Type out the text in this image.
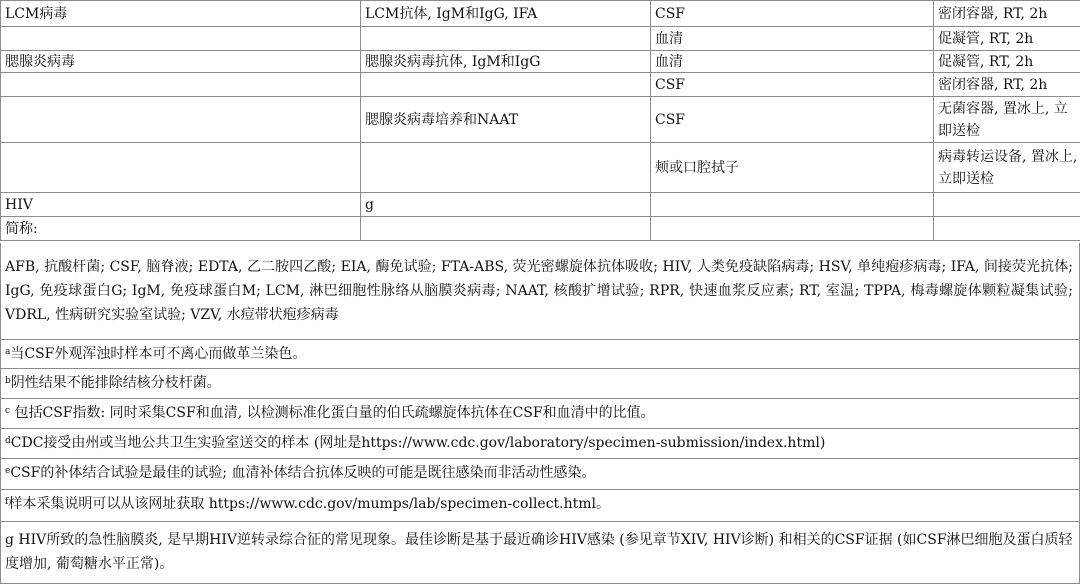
LCM病毒	LCM抗体, IgM和IgG, IFA	CSF	密闭容器, RT, 2h
		血清	促凝管, RT, 2h
腮腺炎病毒	腮腺炎病毒抗体, IgM和IgG	血清	促凝管, RT, 2h
		CSF	密闭容器, RT, 2h
	腮腺炎病毒培养和NAAT	CSF	无菌容器, 置冰上, 立即送检
		颊或口腔拭子	病毒转运设备, 置冰上, 立即送检
HIV	g		
简称:			
AFB, 抗酸杆菌; CSF, 脑脊液; EDTA, 乙二胺四乙酸; EIA, 酶免试验; FTA-ABS, 荧光密螺旋体抗体吸收; HIV, 人类免疫缺陷病毒; HSV, 单纯疱疹病毒; IFA, 间接荧光抗体; IgG, 免疫球蛋白G; IgM, 免疫球蛋白M; LCM, 淋巴细胞性脉络从脑膜炎病毒; NAAT, 核酸扩增试验; RPR, 快速血浆反应素; RT, 室温; TPPA, 梅毒螺旋体颗粒凝集试验; VDRL, 性病研究实验室试验; VZV, 水痘带状疱疹病毒
$^a$当CSF外观浑浊时样本可不离心而做革兰染色。
$^b$阴性结果不能排除结核分枝杆菌。
$^c$ 包括CSF指数: 同时采集CSF和血清, 以检测标准化蛋白量的伯氏疏螺旋体抗体在CSF和血清中的比值。
$^d$CDC接受由州或当地公共卫生实验室送交的样本 (网址是https://www.cdc.gov/laboratory/specimen-submission/index.html)
$^e$CSF的补体结合试验是最佳的试验; 血清补体结合抗体反映的可能是既往感染而非活动性感染。
$^f$样本采集说明可以从该网址获取 https://www.cdc.gov/mumps/lab/specimen-collect.html。
g HIV所致的急性脑膜炎, 是早期HIV逆转录综合征的常见现象。最佳诊断是基于最近确诊HIV感染 (参见章节XIV, HIV诊断) 和相关的CSF证据 (如CSF淋巴细胞及蛋白质轻度增加, 葡萄糖水平正常)。
